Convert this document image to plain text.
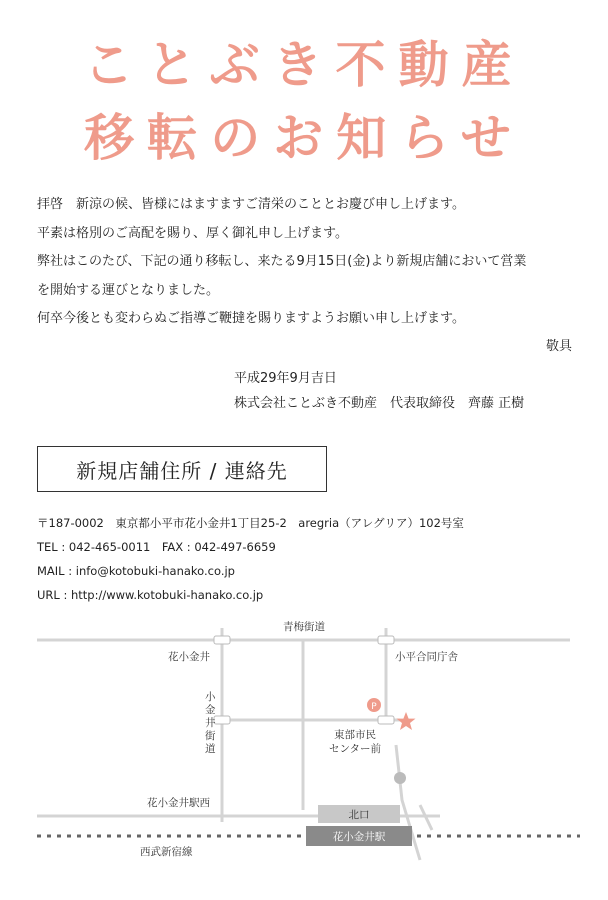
ことぶき不動産
移転のお知らせ

拝啓　新涼の候、皆様にはますますご清栄のこととお慶び申し上げます。

平素は格別のご高配を賜り、厚く御礼申し上げます。

弊社はこのたび、下記の通り移転し、来たる9月15日(金)より新規店舗において営業

を開始する運びとなりました。

何卒今後とも変わらぬご指導ご鞭撻を賜りますようお願い申し上げます。

敬具
平成29年9月吉日
株式会社ことぶき不動産　代表取締役　齊藤 正樹
新規店舗住所 / 連絡先
〒187-0002　東京都小平市花小金井1丁目25-2　aregria（アレグリア）102号室
TEL : 042-465-0011　FAX : 042-497-6659
MAIL : info@kotobuki-hanako.co.jp
URL : http://www.kotobuki-hanako.co.jp
北口
花小金井駅
青梅街道
花小金井	小平合同庁舎
花小金井駅西
西武新宿線
東部市民
センター前
小金井街道
P
